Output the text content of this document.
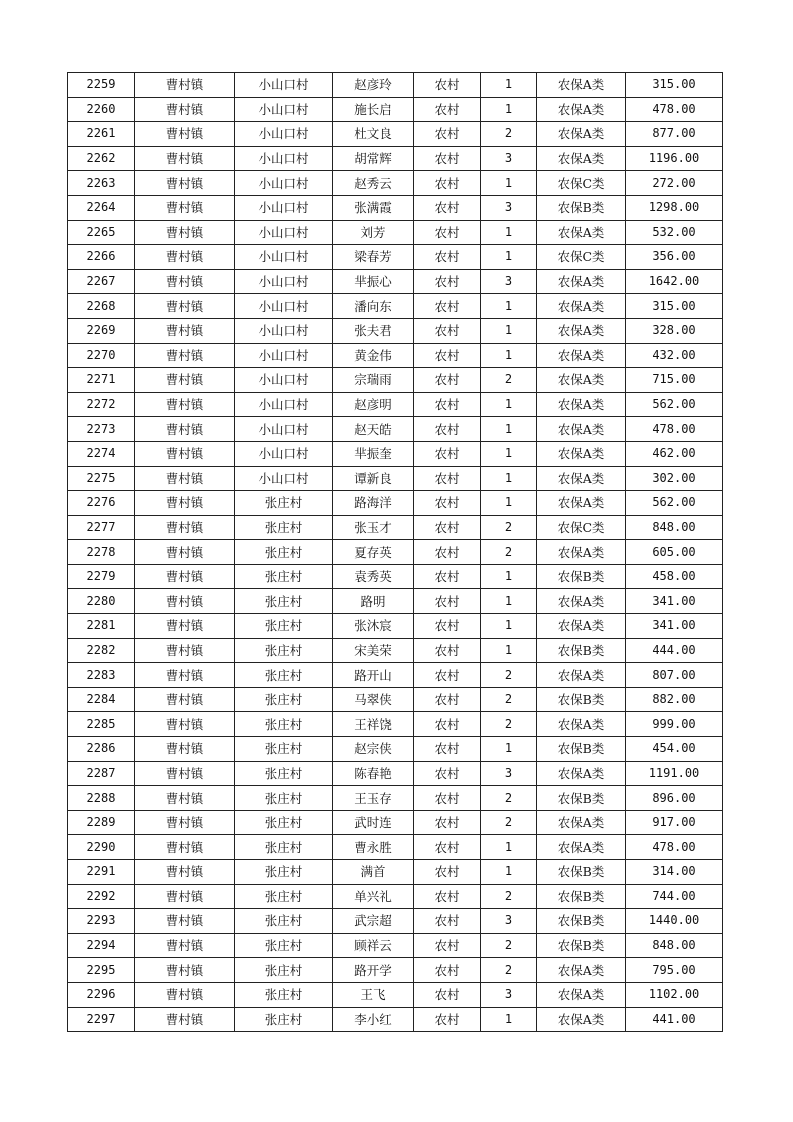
2259	曹村镇	小山口村	赵彦玲	农村	1	农保A类	315.00
2260	曹村镇	小山口村	施长启	农村	1	农保A类	478.00
2261	曹村镇	小山口村	杜文良	农村	2	农保A类	877.00
2262	曹村镇	小山口村	胡常辉	农村	3	农保A类	1196.00
2263	曹村镇	小山口村	赵秀云	农村	1	农保C类	272.00
2264	曹村镇	小山口村	张满霞	农村	3	农保B类	1298.00
2265	曹村镇	小山口村	刘芳	农村	1	农保A类	532.00
2266	曹村镇	小山口村	梁春芳	农村	1	农保C类	356.00
2267	曹村镇	小山口村	芈振心	农村	3	农保A类	1642.00
2268	曹村镇	小山口村	潘向东	农村	1	农保A类	315.00
2269	曹村镇	小山口村	张夫君	农村	1	农保A类	328.00
2270	曹村镇	小山口村	黄金伟	农村	1	农保A类	432.00
2271	曹村镇	小山口村	宗瑞雨	农村	2	农保A类	715.00
2272	曹村镇	小山口村	赵彦明	农村	1	农保A类	562.00
2273	曹村镇	小山口村	赵天皓	农村	1	农保A类	478.00
2274	曹村镇	小山口村	芈振奎	农村	1	农保A类	462.00
2275	曹村镇	小山口村	谭新良	农村	1	农保A类	302.00
2276	曹村镇	张庄村	路海洋	农村	1	农保A类	562.00
2277	曹村镇	张庄村	张玉才	农村	2	农保C类	848.00
2278	曹村镇	张庄村	夏存英	农村	2	农保A类	605.00
2279	曹村镇	张庄村	袁秀英	农村	1	农保B类	458.00
2280	曹村镇	张庄村	路明	农村	1	农保A类	341.00
2281	曹村镇	张庄村	张沐宸	农村	1	农保A类	341.00
2282	曹村镇	张庄村	宋美荣	农村	1	农保B类	444.00
2283	曹村镇	张庄村	路开山	农村	2	农保A类	807.00
2284	曹村镇	张庄村	马翠侠	农村	2	农保B类	882.00
2285	曹村镇	张庄村	王祥饶	农村	2	农保A类	999.00
2286	曹村镇	张庄村	赵宗侠	农村	1	农保B类	454.00
2287	曹村镇	张庄村	陈春艳	农村	3	农保A类	1191.00
2288	曹村镇	张庄村	王玉存	农村	2	农保B类	896.00
2289	曹村镇	张庄村	武时连	农村	2	农保A类	917.00
2290	曹村镇	张庄村	曹永胜	农村	1	农保A类	478.00
2291	曹村镇	张庄村	满首	农村	1	农保B类	314.00
2292	曹村镇	张庄村	单兴礼	农村	2	农保B类	744.00
2293	曹村镇	张庄村	武宗超	农村	3	农保B类	1440.00
2294	曹村镇	张庄村	顾祥云	农村	2	农保B类	848.00
2295	曹村镇	张庄村	路开学	农村	2	农保A类	795.00
2296	曹村镇	张庄村	王飞	农村	3	农保A类	1102.00
2297	曹村镇	张庄村	李小红	农村	1	农保A类	441.00
